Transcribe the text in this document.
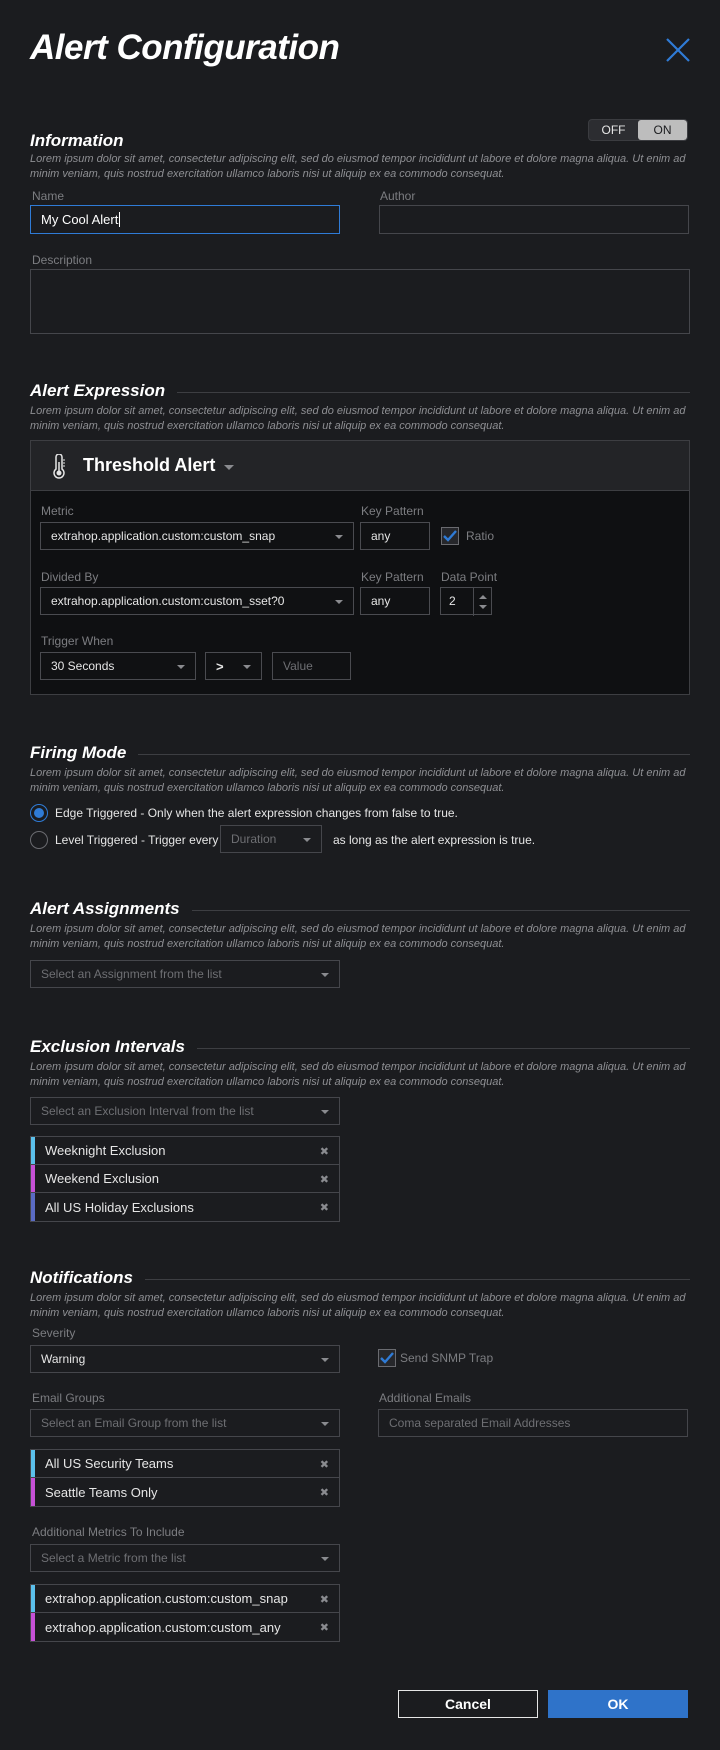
Alert Configuration
OFF	ON
Information
Lorem ipsum dolor sit amet, consectetur adipiscing elit, sed do eiusmod tempor incididunt ut labore et dolore magna aliqua. Ut enim ad minim veniam, quis nostrud exercitation ullamco laboris nisi ut aliquip ex ea commodo consequat.
Name
My Cool Alert
Author
Description
Alert Expression
Lorem ipsum dolor sit amet, consectetur adipiscing elit, sed do eiusmod tempor incididunt ut labore et dolore magna aliqua. Ut enim ad minim veniam, quis nostrud exercitation ullamco laboris nisi ut aliquip ex ea commodo consequat.
Threshold Alert
Metric
extrahop.application.custom:custom_snap
Key Pattern
any	Ratio
Divided By
extrahop.application.custom:custom_sset?0
Key Pattern
any
Data Point
2
Trigger When
30 Seconds	>	Value
Firing Mode
Lorem ipsum dolor sit amet, consectetur adipiscing elit, sed do eiusmod tempor incididunt ut labore et dolore magna aliqua. Ut enim ad minim veniam, quis nostrud exercitation ullamco laboris nisi ut aliquip ex ea commodo consequat.
Edge Triggered - Only when the alert expression changes from false to true.
Level Triggered - Trigger every Duration	as long as the alert expression is true.
Alert Assignments
Lorem ipsum dolor sit amet, consectetur adipiscing elit, sed do eiusmod tempor incididunt ut labore et dolore magna aliqua. Ut enim ad minim veniam, quis nostrud exercitation ullamco laboris nisi ut aliquip ex ea commodo consequat.
Select an Assignment from the list
Exclusion Intervals
Lorem ipsum dolor sit amet, consectetur adipiscing elit, sed do eiusmod tempor incididunt ut labore et dolore magna aliqua. Ut enim ad minim veniam, quis nostrud exercitation ullamco laboris nisi ut aliquip ex ea commodo consequat.
Select an Exclusion Interval from the list
Weeknight Exclusion	✖
Weekend Exclusion	✖
All US Holiday Exclusions	✖
Notifications
Lorem ipsum dolor sit amet, consectetur adipiscing elit, sed do eiusmod tempor incididunt ut labore et dolore magna aliqua. Ut enim ad minim veniam, quis nostrud exercitation ullamco laboris nisi ut aliquip ex ea commodo consequat.
Severity
Warning	Send SNMP Trap
Email Groups
Select an Email Group from the list
Additional Emails
Coma separated Email Addresses
All US Security Teams	✖
Seattle Teams Only	✖
Additional Metrics To Include
Select a Metric from the list
extrahop.application.custom:custom_snap	✖
extrahop.application.custom:custom_any	✖
Cancel	OK
